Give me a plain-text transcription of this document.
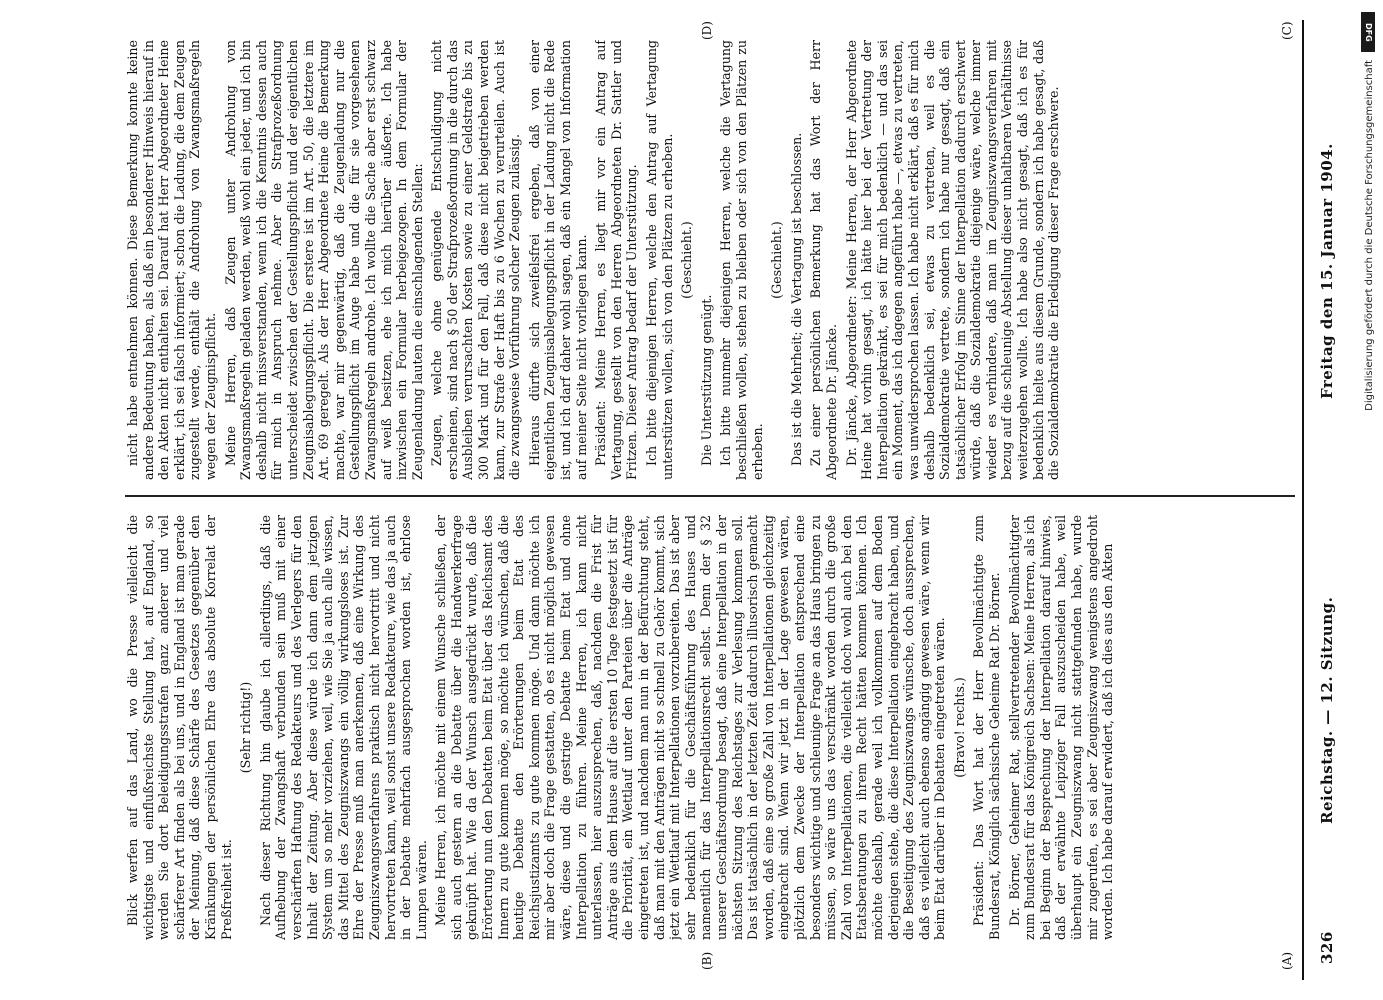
326
Reichstag. — 12. Sitzung.
Freitag den 15. Januar 1904.
(A)
(B)
(C)
(D)

Blick werfen auf das Land, wo die Presse vielleicht die wichtigste und einflußreichste Stellung hat, auf England, so werden Sie dort Beleidigungsstrafen ganz anderer und viel schärferer Art finden als bei uns, und in England ist man gerade der Meinung, daß diese Schärfe des Gesetzes gegenüber den Kränkungen der persönlichen Ehre das absolute Korrelat der Preßfreiheit ist.

(Sehr richtig!) Nach dieser Richtung hin glaube ich allerdings, daß die Aufhebung der Zwangshaft verbunden sein muß mit einer verschärften Haftung des Redakteurs und des Verlegers für den Inhalt der Zeitung. Aber diese würde ich dann dem jetzigen System um so mehr vorziehen, weil, wie Sie ja auch alle wissen, das Mittel des Zeugniszwangs ein völlig wirkungsloses ist. Zur Ehre der Presse muß man anerkennen, daß eine Wirkung des Zeugniszwangsverfahrens praktisch nicht hervortritt und nicht hervortreten kann, weil sonst unsere Redakteure, wie das ja auch in der Debatte mehrfach ausgesprochen worden ist, ehrlose Lumpen wären. Meine Herren, ich möchte mit einem Wunsche schließen, der sich auch gestern an die Debatte über die Handwerkerfrage geknüpft hat. Wie da der Wunsch ausgedrückt wurde, daß die Erörterung nun den Debatten beim Etat über das Reichsamt des Innern zu gute kommen möge, so möchte ich wünschen, daß die heutige Debatte den Erörterungen beim Etat des Reichsjustizamts zu gute kommen möge. Und dann möchte ich mir aber doch die Frage gestatten, ob es nicht möglich gewesen wäre, diese und die gestrige Debatte beim Etat und ohne Interpellation zu führen. Meine Herren, ich kann nicht unterlassen, hier auszusprechen, daß, nachdem die Frist für Anträge aus dem Hause auf die ersten 10 Tage festgesetzt ist für die Priorität, ein Wettlauf unter den Parteien über die Anträge eingetreten ist, und nachdem man nun in der Befürchtung steht, daß man mit den Anträgen nicht so schnell zu Gehör kommt, sich jetzt ein Wettlauf mit Interpellationen vorzubereiten. Das ist aber sehr bedenklich für die Geschäftsführung des Hauses und namentlich für das Interpellationsrecht selbst. Denn der § 32 unserer Geschäftsordnung besagt, daß eine Interpellation in der nächsten Sitzung des Reichstages zur Verlesung kommen soll. Das ist tatsächlich in der letzten Zeit dadurch illusorisch gemacht worden, daß eine so große Zahl von Interpellationen gleichzeitig eingebracht sind. Wenn wir jetzt in der Lage gewesen wären, plötzlich dem Zwecke der Interpellation entsprechend eine besonders wichtige und schleunige Frage an das Haus bringen zu müssen, so wäre uns das verschränkt worden durch die große Zahl von Interpellationen, die vielleicht doch wohl auch bei den Etatsberatungen zu ihrem Recht hätten kommen können. Ich möchte deshalb, gerade weil ich vollkommen auf dem Boden derjenigen stehe, die diese Interpellation eingebracht haben, und die Beseitigung des Zeugniszwangs wünsche, doch aussprechen, daß es vielleicht auch ebenso angängig gewesen wäre, wenn wir beim Etat darüber in Debatten eingetreten wären. (Bravo! rechts.) Präsident: Das Wort hat der Herr Bevollmächtigte zum Bundesrat, Königlich sächsische Geheime Rat Dr. Börner. Dr. Börner, Geheimer Rat, stellvertretender Bevollmächtigter zum Bundesrat für das Königreich Sachsen: Meine Herren, als ich bei Beginn der Besprechung der Interpellation darauf hinwies, daß der erwähnte Leipziger Fall auszuscheiden habe, weil überhaupt ein Zeugniszwang nicht stattgefunden habe, wurde mir zugerufen, es sei aber Zeugniszwang wenigstens angedroht worden. Ich habe darauf erwidert, daß ich dies aus den Akten

nicht habe entnehmen können. Diese Bemerkung konnte keine andere Bedeutung haben, als daß ein besonderer Hinweis hierauf in den Akten nicht enthalten sei. Darauf hat Herr Abgeordneter Heine erklärt, ich sei falsch informiert; schon die Ladung, die dem Zeugen zugestellt werde, enthält die Androhung von Zwangsmaßregeln wegen der Zeugnispflicht. Meine Herren, daß Zeugen unter Androhung von Zwangsmaßregeln geladen werden, weiß wohl ein jeder, und ich bin deshalb nicht missverstanden, wenn ich die Kenntnis dessen auch für mich in Anspruch nehme. Aber die Strafprozeßordnung unterscheidet zwischen der Gestellungspflicht und der eigentlichen Zeugnisablegungspflicht. Die erstere ist im Art. 50, die letztere im Art. 69 geregelt. Als der Herr Abgeordnete Heine die Bemerkung machte, war mir gegenwärtig, daß die Zeugenladung nur die Gestellungspflicht im Auge habe und die für sie vorgesehenen Zwangsmaßregeln androhe. Ich wollte die Sache aber erst schwarz auf weiß besitzen, ehe ich mich hierüber äußerte. Ich habe inzwischen ein Formular herbeigezogen. In dem Formular der Zeugenladung lauten die einschlagenden Stellen: Zeugen, welche ohne genügende Entschuldigung nicht erscheinen, sind nach § 50 der Strafprozeßordnung in die durch das Ausbleiben verursachten Kosten sowie zu einer Geldstrafe bis zu 300 Mark und für den Fall, daß diese nicht beigetrieben werden kann, zur Strafe der Haft bis zu 6 Wochen zu verurteilen. Auch ist die zwangsweise Vorführung solcher Zeugen zulässig. Hieraus dürfte sich zweifelsfrei ergeben, daß von einer eigentlichen Zeugnisablegungspflicht in der Ladung nicht die Rede ist, und ich darf daher wohl sagen, daß ein Mangel von Information auf meiner Seite nicht vorliegen kann. Präsident: Meine Herren, es liegt mir vor ein Antrag auf Vertagung, gestellt von den Herren Abgeordneten Dr. Sattler und Fritzen. Dieser Antrag bedarf der Unterstützung. Ich bitte diejenigen Herren, welche den Antrag auf Vertagung unterstützen wollen, sich von den Plätzen zu erheben. (Geschieht.)

Die Unterstützung genügt. Ich bitte nunmehr diejenigen Herren, welche die Vertagung beschließen wollen, stehen zu bleiben oder sich von den Plätzen zu erheben.

(Geschieht.) Das ist die Mehrheit; die Vertagung ist beschlossen. Zu einer persönlichen Bemerkung hat das Wort der Herr Abgeordnete Dr. Jäncke. Dr. Jäncke, Abgeordneter: Meine Herren, der Herr Abgeordnete Heine hat vorhin gesagt, ich hätte hier bei der Vertretung der Interpellation gekränkt, es sei für mich bedenklich — und das sei ein Moment, das ich dagegen angeführt habe —, etwas zu vertreten, was unwidersprochen lassen. Ich habe nicht erklärt, daß es für mich deshalb bedenklich sei, etwas zu vertreten, weil es die Sozialdemokratie vertrete, sondern ich habe nur gesagt, daß ein tatsächlicher Erfolg im Sinne der Interpellation dadurch erschwert würde, daß die Sozialdemokratie diejenige wäre, welche immer wieder es verhindere, daß man im Zeugniszwangsverfahren mit bezug auf die schleunige Abstellung dieser unhaltbaren Verhältnisse weiterzugehen wollte. Ich habe also nicht gesagt, daß ich es für bedenklich hielte aus diesem Grunde, sondern ich habe gesagt, daß die Sozialdemokratie die Erledigung dieser Frage erschwere.

DFG
Digitalisierung gefördert durch die Deutsche Forschungsgemeinschaft
